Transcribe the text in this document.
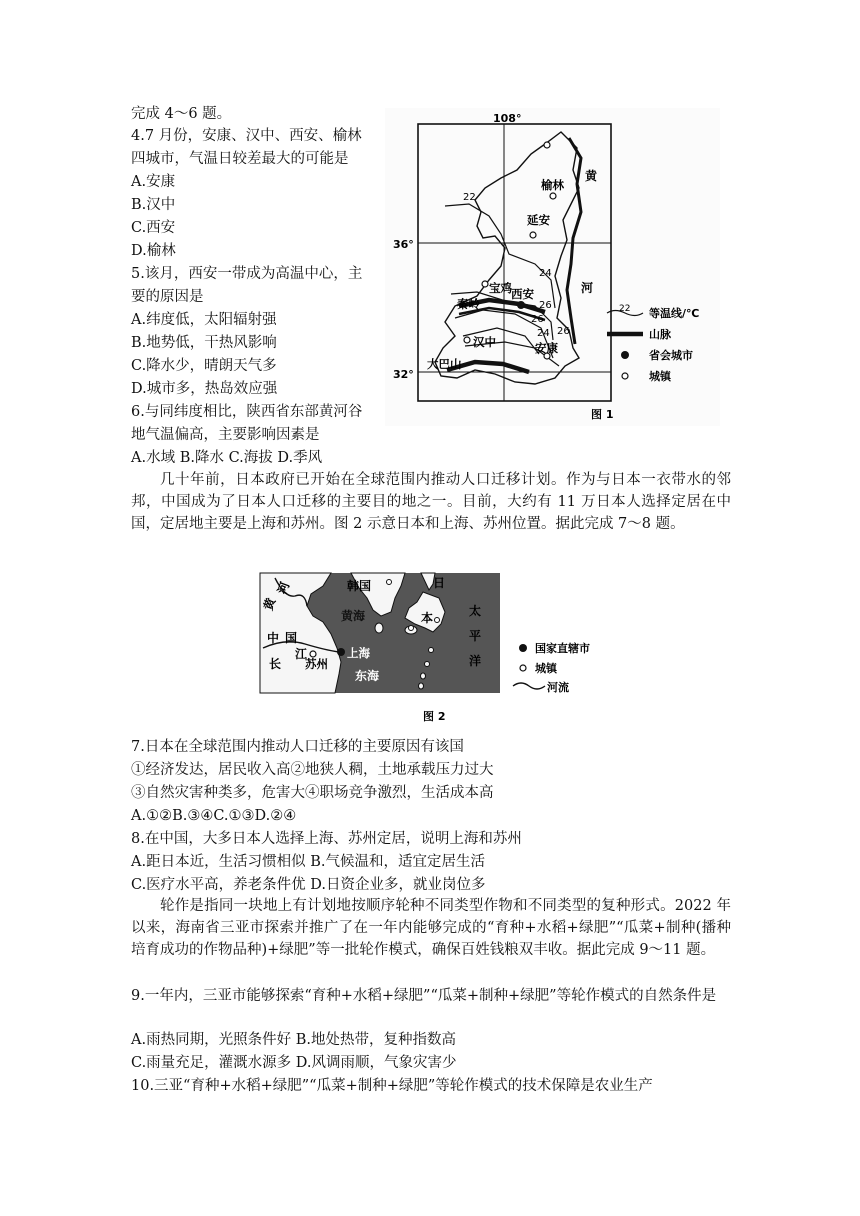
完成 4～6 题。
4.7 月份，安康、汉中、西安、榆林
四城市，气温日较差最大的可能是
A.安康
B.汉中
C.西安
D.榆林
5.该月，西安一带成为高温中心，主
要的原因是
A.纬度低，太阳辐射强
B.地势低，干热风影响
C.降水少，晴朗天气多
D.城市多，热岛效应强
6.与同纬度相比，陕西省东部黄河谷
地气温偏高，主要影响因素是
A.水域 B.降水 C.海拔 D.季风
108°
36°
32°
榆林
延安
宝鸡 西安
汉中	安康
秦岭
大巴山
黄
河
22
24
24
26
26
26
22 等温线/℃
山脉
省会城市
城镇
图 1
几十年前，日本政府已开始在全球范围内推动人口迁移计划。作为与日本一衣带水的邻邦，中国成为了日本人口迁移的主要目的地之一。目前，大约有 11 万日本人选择定居在中国，定居地主要是上海和苏州。图 2 示意日本和上海、苏州位置。据此完成 7～8 题。
韩国
黄海
日
本	太
平
洋
黄
河
中 国
江
长 苏州
上海
东海
国家直辖市
城镇
河流
图 2
7.日本在全球范围内推动人口迁移的主要原因有该国
①经济发达，居民收入高②地狭人稠，土地承载压力过大
③自然灾害种类多，危害大④职场竞争激烈，生活成本高
A.①②B.③④C.①③D.②④
8.在中国，大多日本人选择上海、苏州定居，说明上海和苏州
A.距日本近，生活习惯相似 B.气候温和，适宜定居生活
C.医疗水平高，养老条件优 D.日资企业多，就业岗位多
轮作是指同一块地上有计划地按顺序轮种不同类型作物和不同类型的复种形式。2022 年以来，海南省三亚市探索并推广了在一年内能够完成的“育种+水稻+绿肥”“瓜菜+制种(播种培育成功的作物品种)+绿肥”等一批轮作模式，确保百姓钱粮双丰收。据此完成 9～11 题。
9.一年内，三亚市能够探索“育种+水稻+绿肥”“瓜菜+制种+绿肥”等轮作模式的自然条件是
A.雨热同期，光照条件好 B.地处热带，复种指数高
C.雨量充足，灌溉水源多 D.风调雨顺，气象灾害少
10.三亚“育种+水稻+绿肥”“瓜菜+制种+绿肥”等轮作模式的技术保障是农业生产
